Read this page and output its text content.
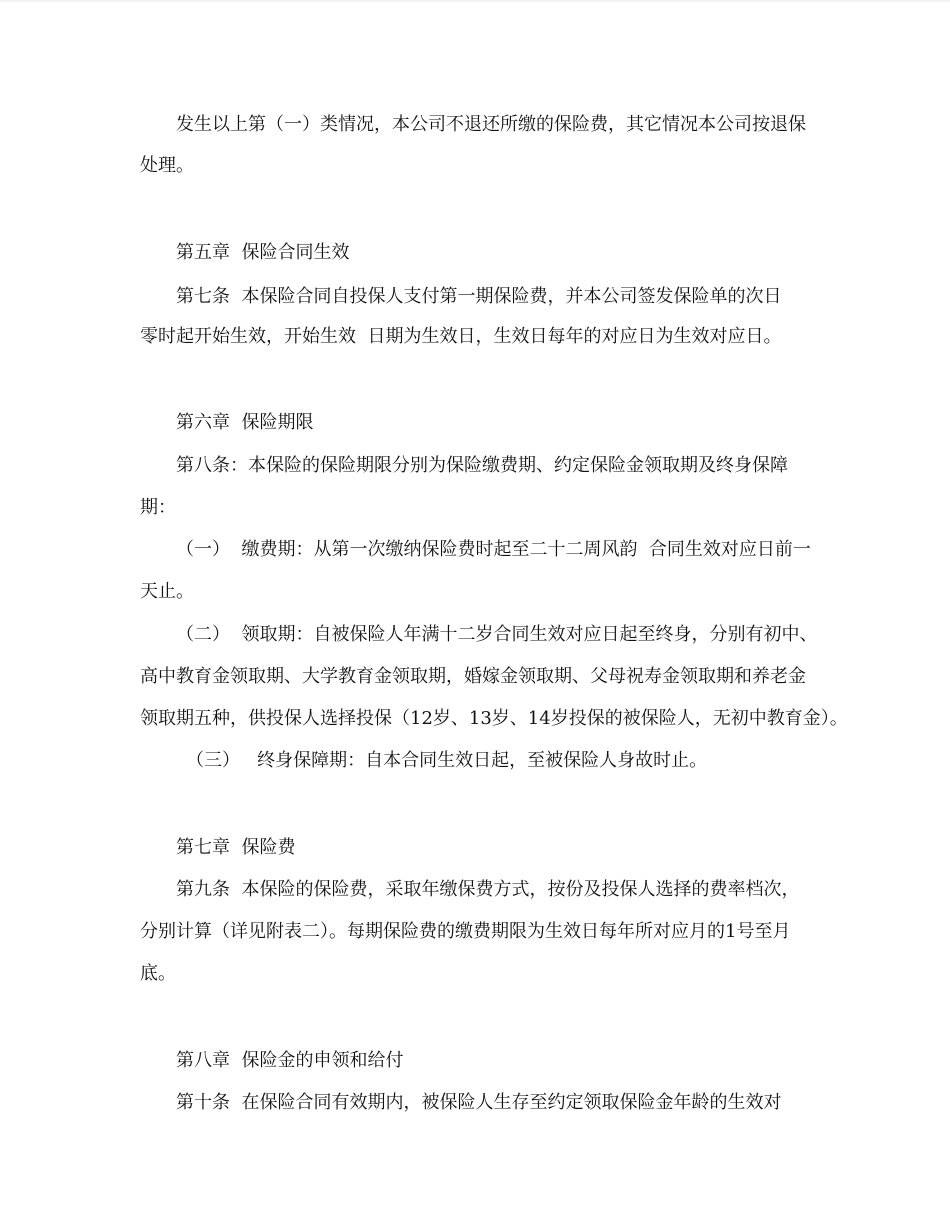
发生以上第（一）类情况，本公司不退还所缴的保险费，其它情况本公司按退保
处理。
第五章  保险合同生效
第七条  本保险合同自投保人支付第一期保险费，并本公司签发保险单的次日
零时起开始生效，开始生效  日期为生效日，生效日每年的对应日为生效对应日。
第六章  保险期限
第八条：本保险的保险期限分别为保险缴费期、约定保险金领取期及终身保障
期：
（一）  缴费期：从第一次缴纳保险费时起至二十二周风韵  合同生效对应日前一
天止。
（二）  领取期：自被保险人年满十二岁合同生效对应日起至终身，分别有初中、
高中教育金领取期、大学教育金领取期，婚嫁金领取期、父母祝寿金领取期和养老金
领取期五种，供投保人选择投保（12岁、13岁、14岁投保的被保险人，无初中教育金）。
（三）   终身保障期：自本合同生效日起，至被保险人身故时止。
第七章  保险费
第九条  本保险的保险费，采取年缴保费方式，按份及投保人选择的费率档次，
分别计算（详见附表二）。每期保险费的缴费期限为生效日每年所对应月的1号至月
底。
第八章  保险金的申领和给付
第十条  在保险合同有效期内，被保险人生存至约定领取保险金年龄的生效对
